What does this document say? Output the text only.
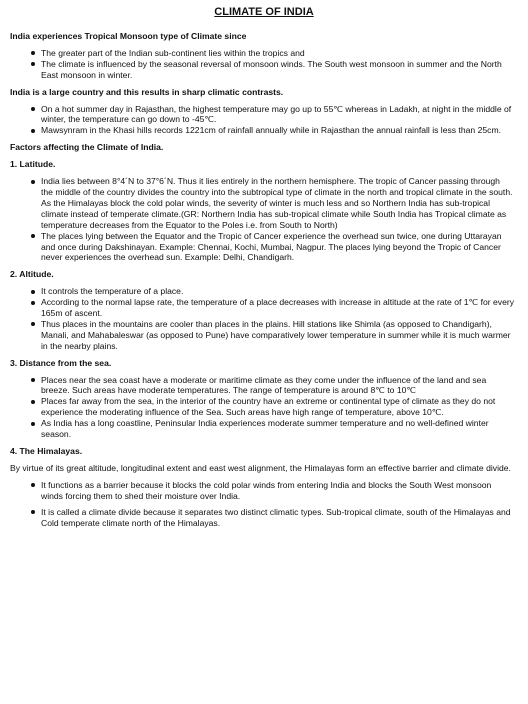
CLIMATE OF INDIA
India experiences Tropical Monsoon type of Climate since
The greater part of the Indian sub-continent lies within the tropics and
The climate is influenced by the seasonal reversal of monsoon winds. The South west monsoon in summer and the North East monsoon in winter.
India is a large country and this results in sharp climatic contrasts.
On a hot summer day in Rajasthan, the highest temperature may go up to 55℃ whereas in Ladakh, at night in the middle of winter, the temperature can go down to -45℃.
Mawsynram in the Khasi hills records 1221cm of rainfall annually while in Rajasthan the annual rainfall is less than 25cm.
Factors affecting the Climate of India.
1. Latitude.
India lies between 8°4´N to 37°6´N. Thus it lies entirely in the northern hemisphere. The tropic of Cancer passing through the middle of the country divides the country into the subtropical type of climate in the north and tropical climate in the south. As the Himalayas block the cold polar winds, the severity of winter is much less and so Northern India has sub-tropical climate instead of temperate climate.(GR: Northern India has sub-tropical climate while South India has Tropical climate as temperature decreases from the Equator to the Poles i.e. from South to North)
The places lying between the Equator and the Tropic of Cancer experience the overhead sun twice, one during Uttarayan and once during Dakshinayan. Example: Chennai, Kochi, Mumbai, Nagpur. The places lying beyond the Tropic of Cancer never experiences the overhead sun. Example: Delhi, Chandigarh.
2. Altitude.
It controls the temperature of a place.
According to the normal lapse rate, the temperature of a place decreases with increase in altitude at the rate of 1℃ for every 165m of ascent.
Thus places in the mountains are cooler than places in the plains. Hill stations like Shimla (as opposed to Chandigarh), Manali, and Mahabaleswar (as opposed to Pune) have comparatively lower temperature in summer while it is much warmer in the nearby plains.
3. Distance from the sea.
Places near the sea coast have a moderate or maritime climate as they come under the influence of the land and sea breeze. Such areas have moderate temperatures. The range of temperature is around 8℃ to 10℃
Places far away from the sea, in the interior of the country have an extreme or continental type of climate as they do not experience the moderating influence of the Sea. Such areas have high range of temperature, above 10℃.
As India has a long coastline, Peninsular India experiences moderate summer temperature and no well-defined winter season.
4. The Himalayas.
By virtue of its great altitude, longitudinal extent and east west alignment, the Himalayas form an effective barrier and climate divide.
It functions as a barrier because it blocks the cold polar winds from entering India and blocks the South West monsoon winds forcing them to shed their moisture over India.
It is called a climate divide because it separates two distinct climatic types. Sub-tropical climate, south of the Himalayas and Cold temperate climate north of the Himalayas.
